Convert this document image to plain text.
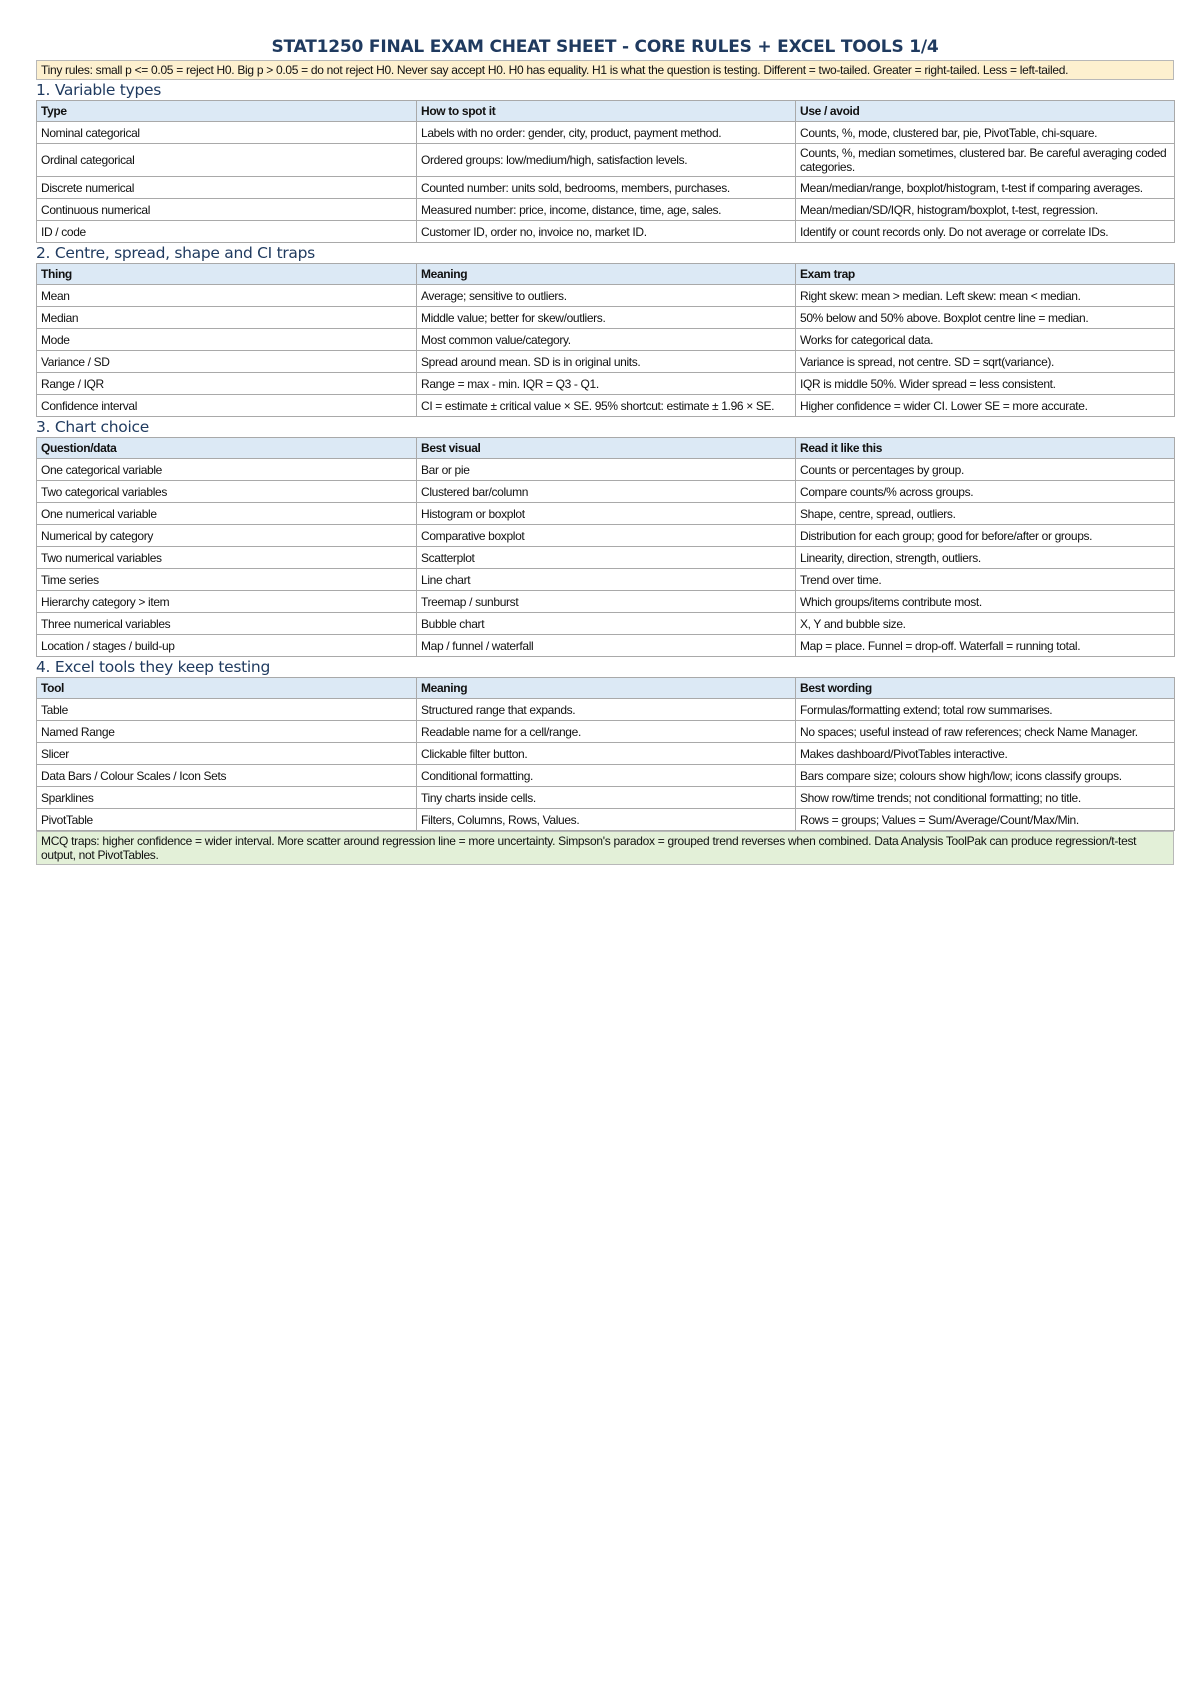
STAT1250 FINAL EXAM CHEAT SHEET - CORE RULES + EXCEL TOOLS 1/4
Tiny rules: small p <= 0.05 = reject H0. Big p > 0.05 = do not reject H0. Never say accept H0. H0 has equality. H1 is what the question is testing. Different = two-tailed. Greater = right-tailed. Less = left-tailed.
1. Variable types
Type	How to spot it	Use / avoid
Nominal categorical	Labels with no order: gender, city, product, payment method.	Counts, %, mode, clustered bar, pie, PivotTable, chi-square.
Ordinal categorical	Ordered groups: low/medium/high, satisfaction levels.	Counts, %, median sometimes, clustered bar. Be careful averaging coded categories.
Discrete numerical	Counted number: units sold, bedrooms, members, purchases.	Mean/median/range, boxplot/histogram, t-test if comparing averages.
Continuous numerical	Measured number: price, income, distance, time, age, sales.	Mean/median/SD/IQR, histogram/boxplot, t-test, regression.
ID / code	Customer ID, order no, invoice no, market ID.	Identify or count records only. Do not average or correlate IDs.
2. Centre, spread, shape and CI traps
Thing	Meaning	Exam trap
Mean	Average; sensitive to outliers.	Right skew: mean > median. Left skew: mean < median.
Median	Middle value; better for skew/outliers.	50% below and 50% above. Boxplot centre line = median.
Mode	Most common value/category.	Works for categorical data.
Variance / SD	Spread around mean. SD is in original units.	Variance is spread, not centre. SD = sqrt(variance).
Range / IQR	Range = max - min. IQR = Q3 - Q1.	IQR is middle 50%. Wider spread = less consistent.
Confidence interval	CI = estimate ± critical value × SE. 95% shortcut: estimate ± 1.96 × SE.	Higher confidence = wider CI. Lower SE = more accurate.
3. Chart choice
Question/data	Best visual	Read it like this
One categorical variable	Bar or pie	Counts or percentages by group.
Two categorical variables	Clustered bar/column	Compare counts/% across groups.
One numerical variable	Histogram or boxplot	Shape, centre, spread, outliers.
Numerical by category	Comparative boxplot	Distribution for each group; good for before/after or groups.
Two numerical variables	Scatterplot	Linearity, direction, strength, outliers.
Time series	Line chart	Trend over time.
Hierarchy category > item	Treemap / sunburst	Which groups/items contribute most.
Three numerical variables	Bubble chart	X, Y and bubble size.
Location / stages / build-up	Map / funnel / waterfall	Map = place. Funnel = drop-off. Waterfall = running total.
4. Excel tools they keep testing
Tool	Meaning	Best wording
Table	Structured range that expands.	Formulas/formatting extend; total row summarises.
Named Range	Readable name for a cell/range.	No spaces; useful instead of raw references; check Name Manager.
Slicer	Clickable filter button.	Makes dashboard/PivotTables interactive.
Data Bars / Colour Scales / Icon Sets	Conditional formatting.	Bars compare size; colours show high/low; icons classify groups.
Sparklines	Tiny charts inside cells.	Show row/time trends; not conditional formatting; no title.
PivotTable	Filters, Columns, Rows, Values.	Rows = groups; Values = Sum/Average/Count/Max/Min.
MCQ traps: higher confidence = wider interval. More scatter around regression line = more uncertainty. Simpson's paradox = grouped trend reverses when combined. Data Analysis ToolPak can produce regression/t-test output, not PivotTables.
